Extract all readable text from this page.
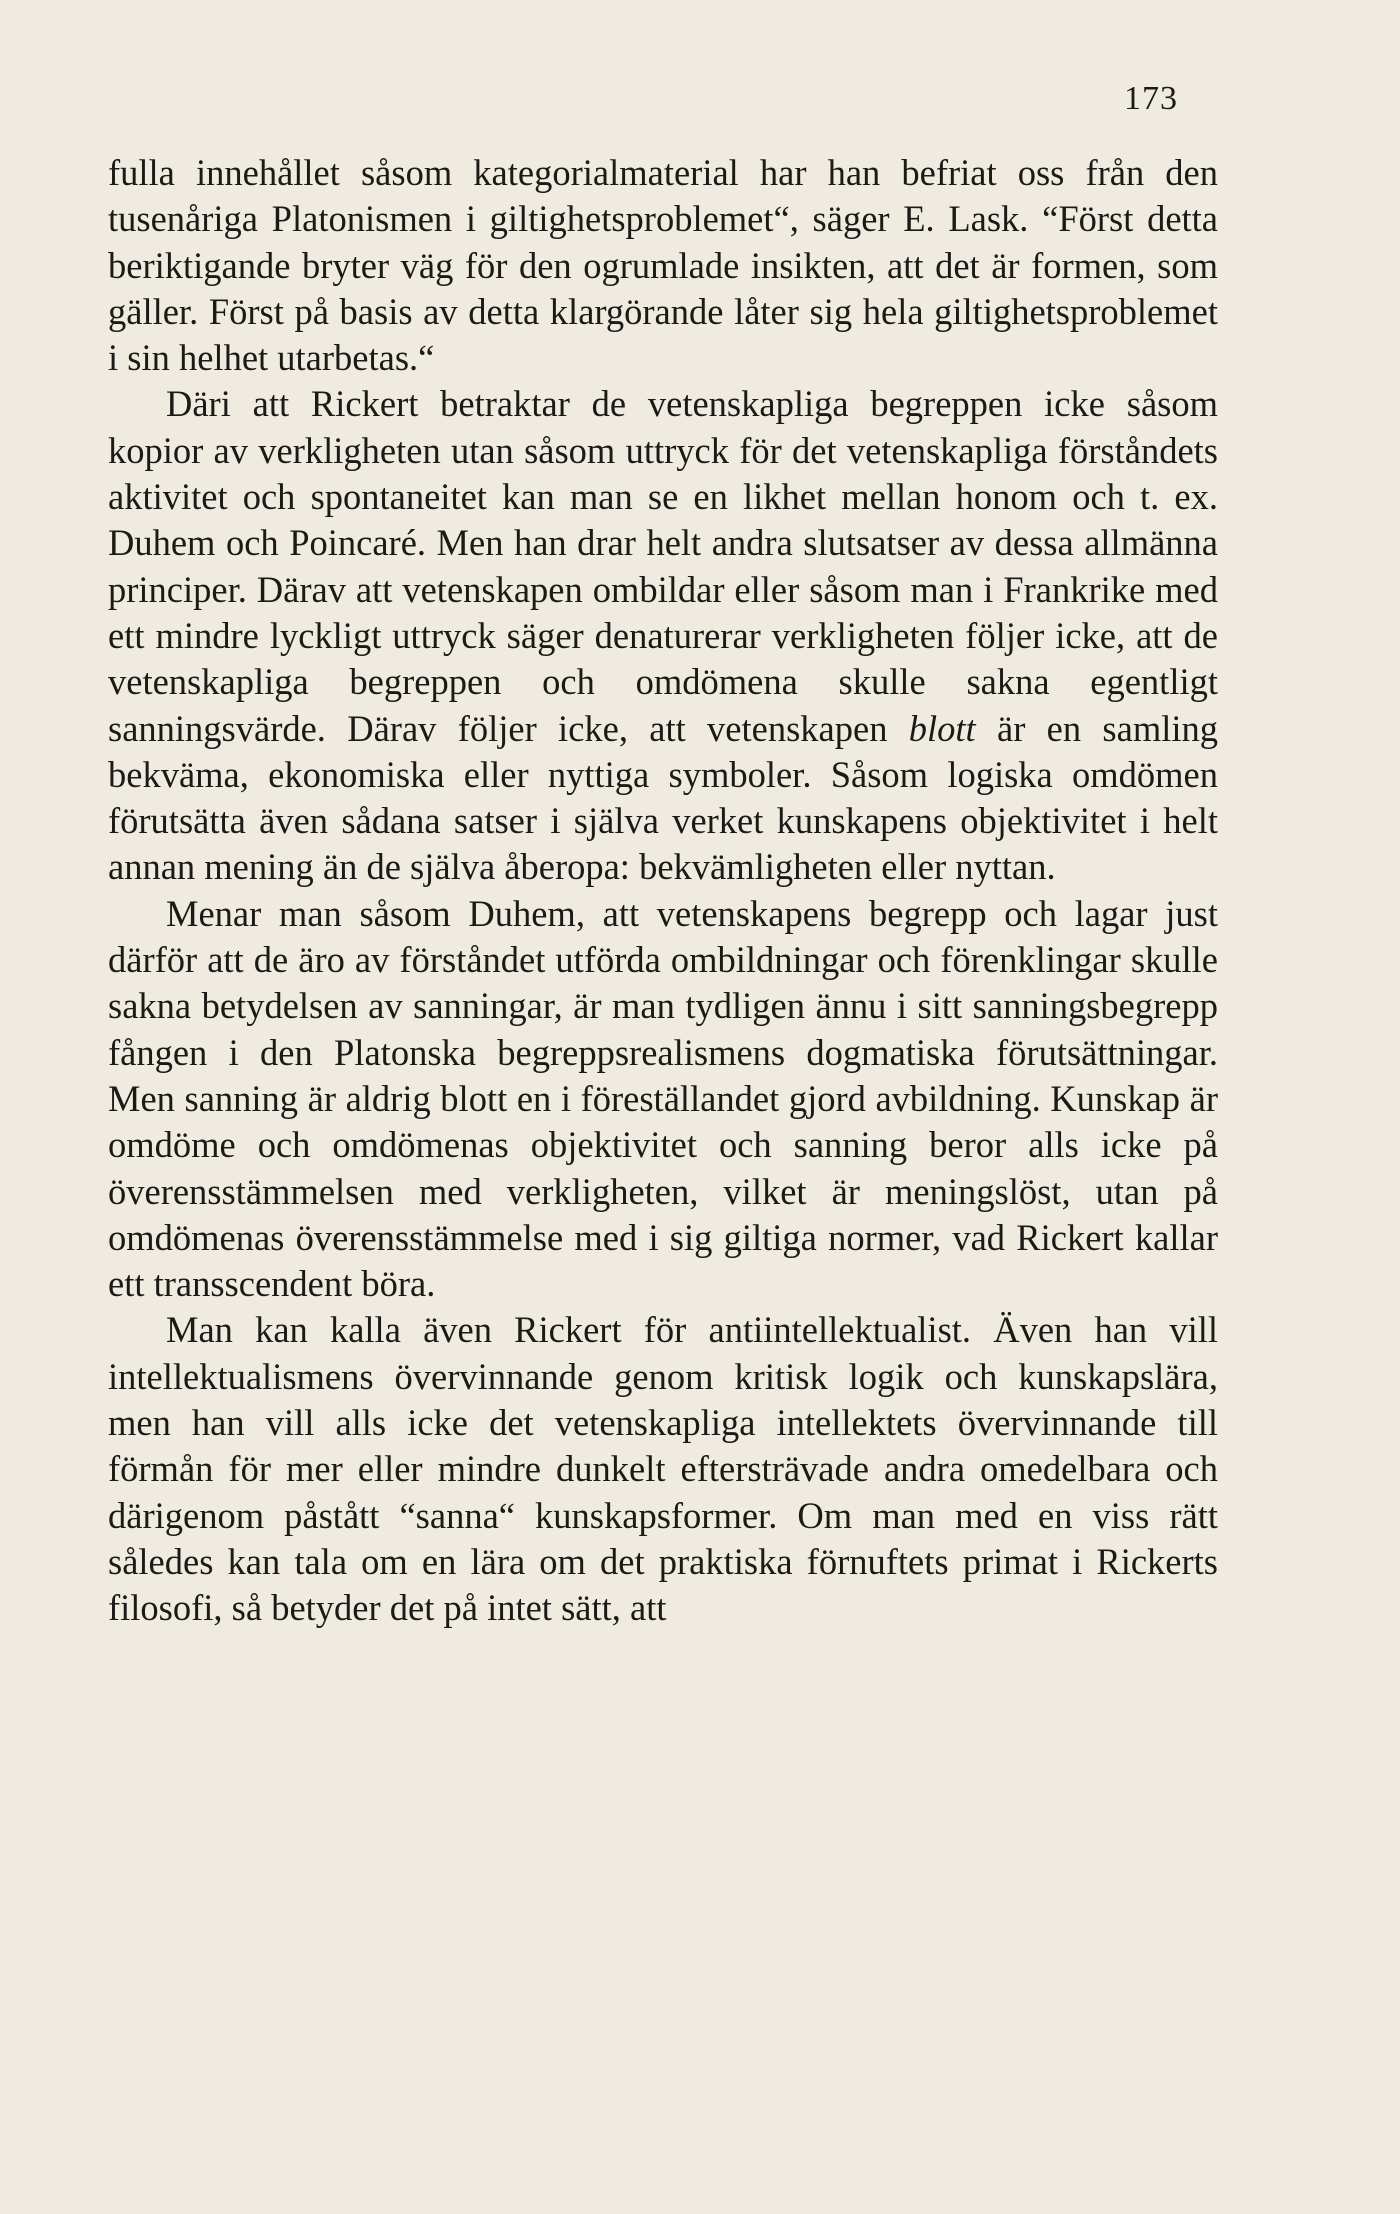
173

fulla innehållet såsom kategorialmaterial har han befriat oss från den tusenåriga Platonismen i giltighetsproblemet“, säger E. Lask. “Först detta beriktigande bryter väg för den ogrumlade insikten, att det är formen, som gäller. Först på basis av detta klargörande låter sig hela giltighetsproblemet i sin helhet utarbetas.“

Däri att Rickert betraktar de vetenskapliga begreppen icke såsom kopior av verkligheten utan såsom uttryck för det vetenskapliga förståndets aktivitet och spontaneitet kan man se en likhet mellan honom och t. ex. Duhem och Poincaré. Men han drar helt andra slutsatser av dessa allmänna principer. Därav att vetenskapen ombildar eller såsom man i Frankrike med ett mindre lyckligt uttryck säger denaturerar verkligheten följer icke, att de vetenskapliga begreppen och omdömena skulle sakna egentligt sanningsvärde. Därav följer icke, att vetenskapen blott är en samling bekväma, ekonomiska eller nyttiga symboler. Såsom logiska omdömen förutsätta även sådana satser i själva verket kunskapens objektivitet i helt annan mening än de själva åberopa: bekvämligheten eller nyttan.

Menar man såsom Duhem, att vetenskapens begrepp och lagar just därför att de äro av förståndet utförda ombildningar och förenklingar skulle sakna betydelsen av sanningar, är man tydligen ännu i sitt sanningsbegrepp fången i den Platonska begreppsrealismens dogmatiska förutsättningar. Men sanning är aldrig blott en i föreställandet gjord avbildning. Kunskap är omdöme och omdömenas objektivitet och sanning beror alls icke på överensstämmelsen med verkligheten, vilket är meningslöst, utan på omdömenas överensstämmelse med i sig giltiga normer, vad Rickert kallar ett transscendent böra.

Man kan kalla även Rickert för antiintellektualist. Även han vill intellektualismens övervinnande genom kritisk logik och kunskapslära, men han vill alls icke det vetenskapliga intellektets övervinnande till förmån för mer eller mindre dunkelt eftersträvade andra omedelbara och därigenom påstått “sanna“ kunskapsformer. Om man med en viss rätt således kan tala om en lära om det praktiska förnuftets primat i Rickerts filosofi, så betyder det på intet sätt, att
